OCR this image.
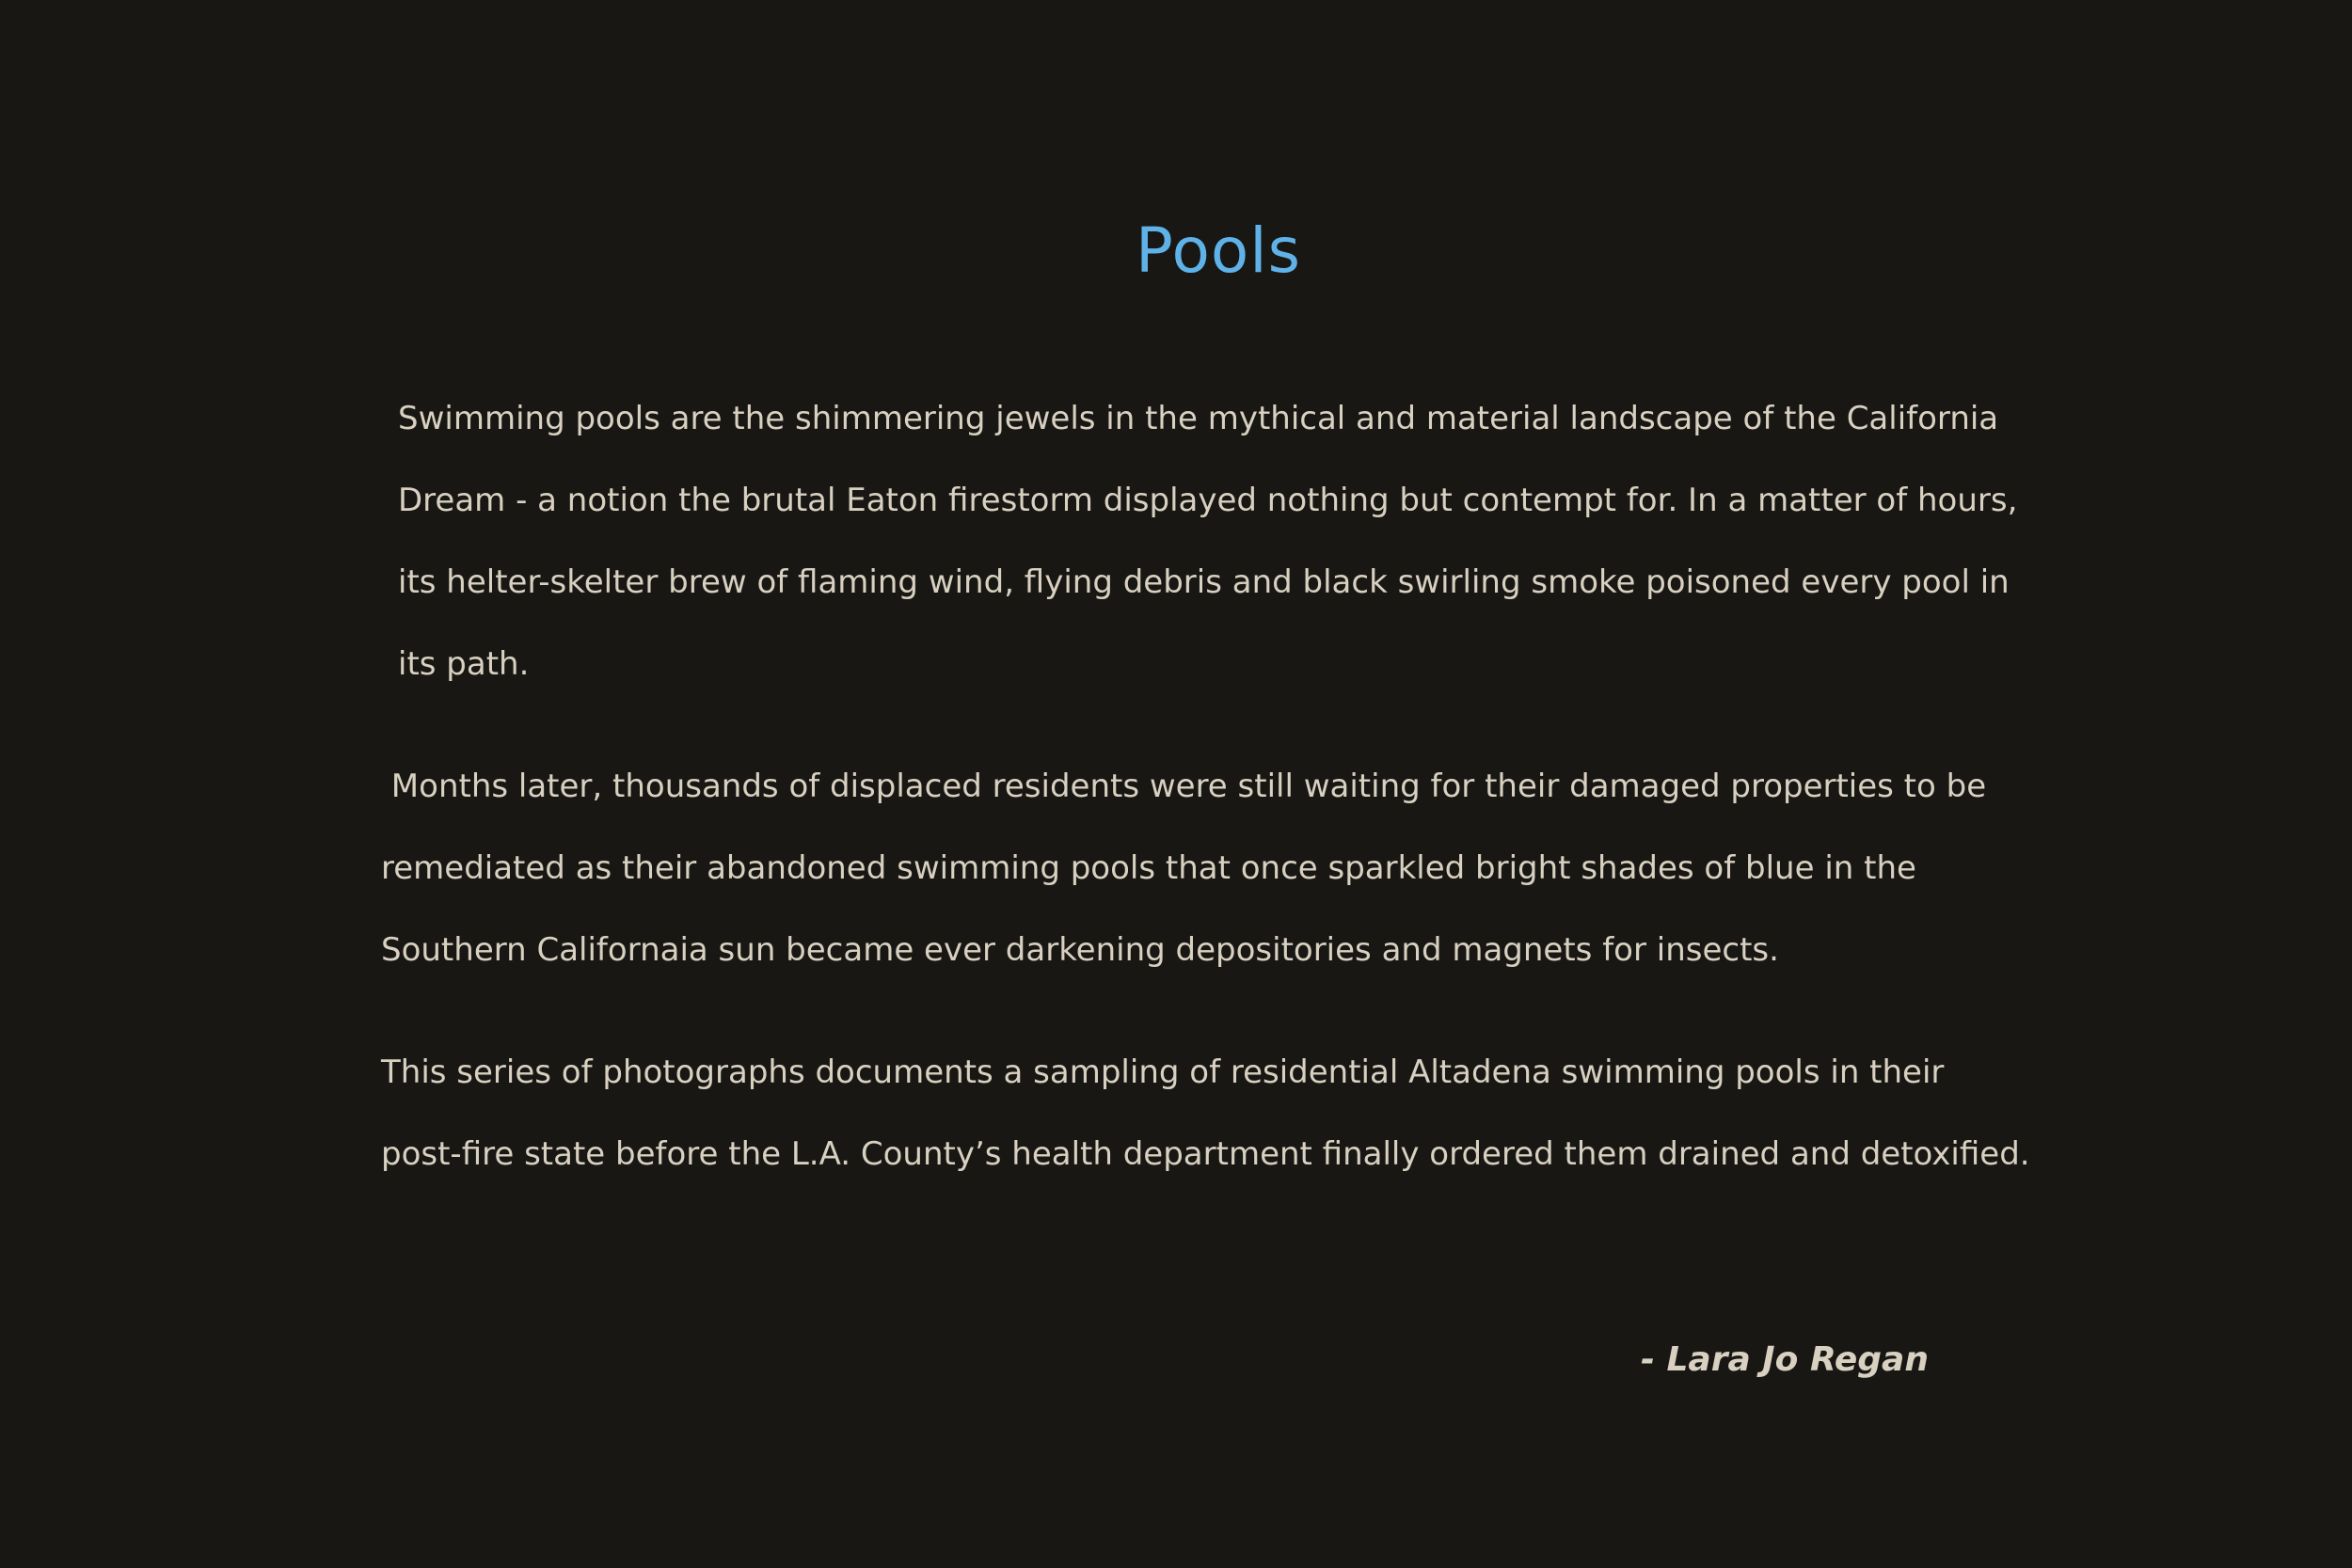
Pools

Swimming pools are the shimmering jewels in the mythical and material landscape of the California
Dream - a notion the brutal Eaton firestorm displayed nothing but contempt for. In a matter of hours,
its helter-skelter brew of flaming wind, flying debris and black swirling smoke poisoned every pool in
its path.

Months later, thousands of displaced residents were still waiting for their damaged properties to be
remediated as their abandoned swimming pools that once sparkled bright shades of blue in the
Southern Californaia sun became ever darkening depositories and magnets for insects.

This series of photographs documents a sampling of residential Altadena swimming pools in their
post-fire state before the L.A. County’s health department finally ordered them drained and detoxified.

- Lara Jo Regan
